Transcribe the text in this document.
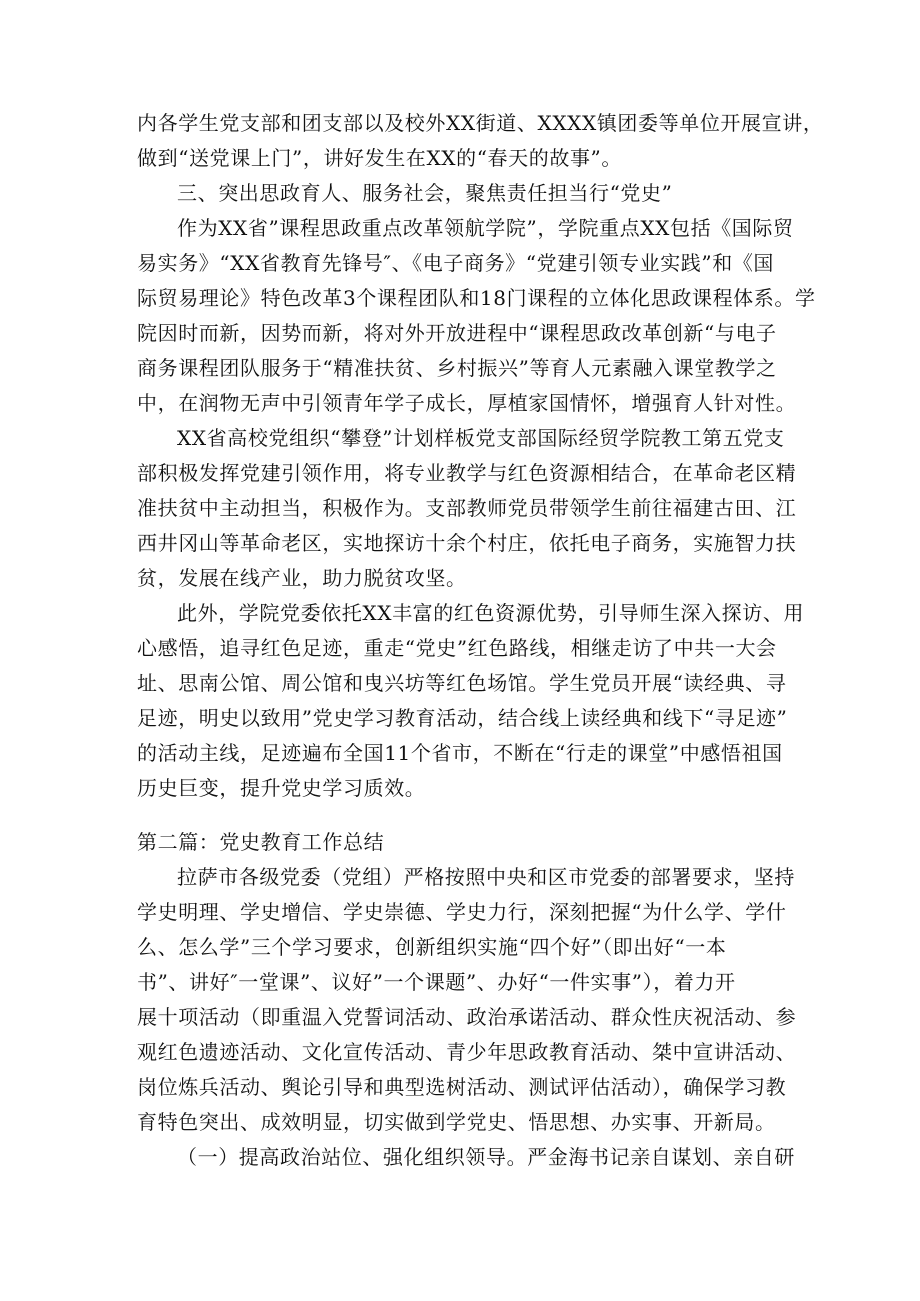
内各学生党支部和团支部以及校外XX街道、XXXX镇团委等单位开展宣讲，
做到“送党课上门”，讲好发生在XX的“春天的故事”。
三、突出思政育人、服务社会，聚焦责任担当行“党史”
作为XX省”课程思政重点改革领航学院”，学院重点XX包括《国际贸
易实务》“XX省教育先锋号″、《电子商务》“党建引领专业实践”和《国
际贸易理论》特色改革3个课程团队和18门课程的立体化思政课程体系。学
院因时而新，因势而新，将对外开放进程中“课程思政改革创新“与电子
商务课程团队服务于“精准扶贫、乡村振兴”等育人元素融入课堂教学之
中，在润物无声中引领青年学子成长，厚植家国情怀，增强育人针对性。
XX省高校党组织“攀登”计划样板党支部国际经贸学院教工第五党支
部积极发挥党建引领作用，将专业教学与红色资源相结合，在革命老区精
准扶贫中主动担当，积极作为。支部教师党员带领学生前往福建古田、江
西井冈山等革命老区，实地探访十余个村庄，依托电子商务，实施智力扶
贫，发展在线产业，助力脱贫攻坚。
此外，学院党委依托XX丰富的红色资源优势，引导师生深入探访、用
心感悟，追寻红色足迹，重走“党史”红色路线，相继走访了中共一大会
址、思南公馆、周公馆和曳兴坊等红色场馆。学生党员开展“读经典、寻
足迹，明史以致用”党史学习教育活动，结合线上读经典和线下“寻足迹”
的活动主线，足迹遍布全国11个省市，不断在“行走的课堂”中感悟祖国
历史巨变，提升党史学习质效。
第二篇：党史教育工作总结
拉萨市各级党委（党组）严格按照中央和区市党委的部署要求，坚持
学史明理、学史增信、学史崇德、学史力行，深刻把握“为什么学、学什
么、怎么学”三个学习要求，创新组织实施“四个好”（即出好“一本
书”、讲好″一堂课”、议好”一个课题”、办好“一件实事”），着力开
展十项活动（即重温入党誓词活动、政治承诺活动、群众性庆祝活动、参
观红色遗迹活动、文化宣传活动、青少年思政教育活动、桀中宣讲活动、
岗位炼兵活动、舆论引导和典型选树活动、测试评估活动），确保学习教
育特色突出、成效明显，切实做到学党史、悟思想、办实事、开新局。
（一）提高政治站位、强化组织领导。严金海书记亲自谋划、亲自研
